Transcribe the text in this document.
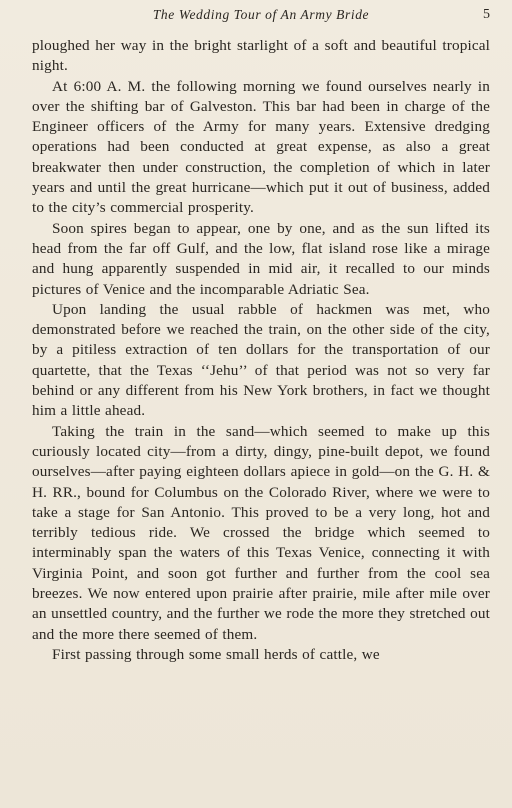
The Wedding Tour of An Army Bride	5

ploughed her way in the bright starlight of a soft and beautiful tropical night.

At 6:00 A. M. the following morning we found ourselves nearly in over the shifting bar of Galveston. This bar had been in charge of the Engineer officers of the Army for many years. Extensive dredging operations had been conducted at great expense, as also a great breakwater then under construction, the completion of which in later years and until the great hurricane—which put it out of business, added to the city’s commercial prosperity.

Soon spires began to appear, one by one, and as the sun lifted its head from the far off Gulf, and the low, flat island rose like a mirage and hung apparently suspended in mid air, it recalled to our minds pictures of Venice and the incomparable Adriatic Sea.

Upon landing the usual rabble of hackmen was met, who demonstrated before we reached the train, on the other side of the city, by a pitiless extraction of ten dollars for the transportation of our quartette, that the Texas ‘‘Jehu’’ of that period was not so very far behind or any different from his New York brothers, in fact we thought him a little ahead.

Taking the train in the sand—which seemed to make up this curiously located city—from a dirty, dingy, pine-built depot, we found ourselves—after paying eighteen dollars apiece in gold—on the G. H. & H. RR., bound for Columbus on the Colorado River, where we were to take a stage for San Antonio. This proved to be a very long, hot and terribly tedious ride. We crossed the bridge which seemed to interminably span the waters of this Texas Venice, connecting it with Virginia Point, and soon got further and further from the cool sea breezes. We now entered upon prairie after prairie, mile after mile over an unsettled country, and the further we rode the more they stretched out and the more there seemed of them.

First passing through some small herds of cattle, we
